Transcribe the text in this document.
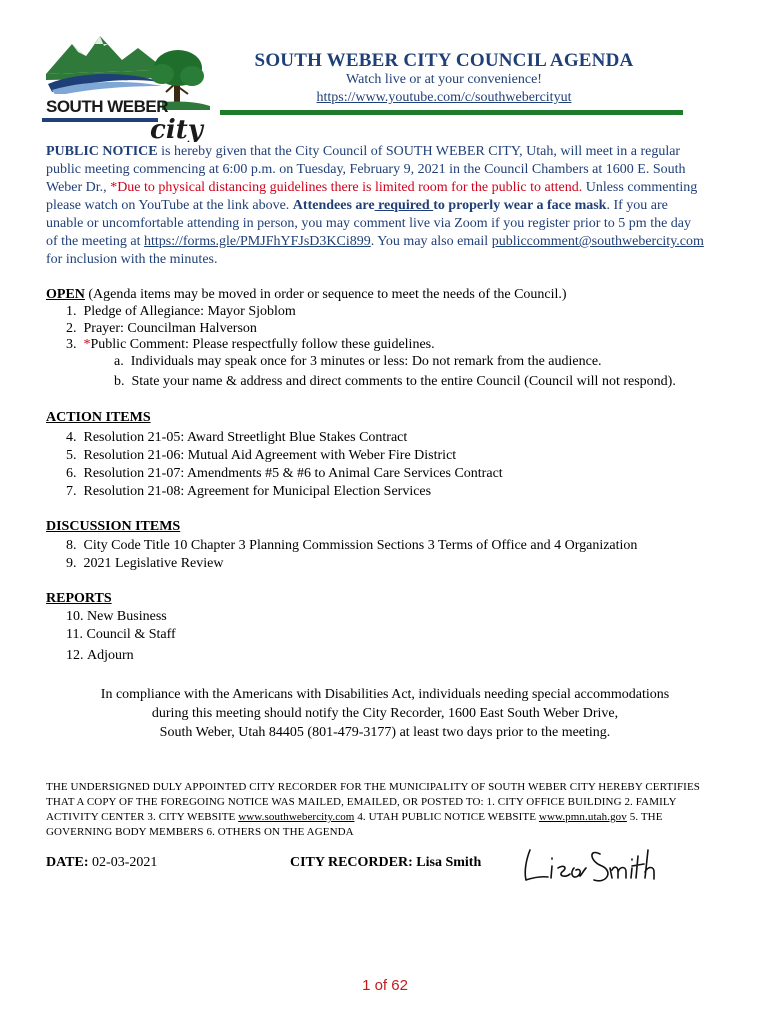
SOUTH WEBER
city
SOUTH WEBER CITY COUNCIL AGENDA
Watch live or at your convenience!
https://www.youtube.com/c/southwebercityut
PUBLIC NOTICE is hereby given that the City Council of SOUTH WEBER CITY, Utah, will meet in a regular public meeting commencing at 6:00 p.m. on Tuesday, February 9, 2021 in the Council Chambers at 1600 E. South Weber Dr., *Due to physical distancing guidelines there is limited room for the public to attend. Unless commenting please watch on YouTube at the link above. Attendees are required to properly wear a face mask. If you are unable or uncomfortable attending in person, you may comment live via Zoom if you register prior to 5 pm the day of the meeting at https://forms.gle/PMJFhYFJsD3KCi899. You may also email publiccomment@southwebercity.com for inclusion with the minutes.
OPEN (Agenda items may be moved in order or sequence to meet the needs of the Council.)
1. Pledge of Allegiance: Mayor Sjoblom
2. Prayer: Councilman Halverson
3. *Public Comment: Please respectfully follow these guidelines.
a. Individuals may speak once for 3 minutes or less: Do not remark from the audience.
b. State your name & address and direct comments to the entire Council (Council will not respond).
ACTION ITEMS
4. Resolution 21-05: Award Streetlight Blue Stakes Contract
5. Resolution 21-06: Mutual Aid Agreement with Weber Fire District
6. Resolution 21-07: Amendments #5 & #6 to Animal Care Services Contract
7. Resolution 21-08: Agreement for Municipal Election Services
DISCUSSION ITEMS
8. City Code Title 10 Chapter 3 Planning Commission Sections 3 Terms of Office and 4 Organization
9. 2021 Legislative Review
REPORTS
10. New Business
11. Council & Staff
12. Adjourn
In compliance with the Americans with Disabilities Act, individuals needing special accommodations
during this meeting should notify the City Recorder, 1600 East South Weber Drive,
South Weber, Utah 84405 (801-479-3177) at least two days prior to the meeting.
THE UNDERSIGNED DULY APPOINTED CITY RECORDER FOR THE MUNICIPALITY OF SOUTH WEBER CITY HEREBY CERTIFIES THAT A COPY OF THE FOREGOING NOTICE WAS MAILED, EMAILED, OR POSTED TO: 1. CITY OFFICE BUILDING 2. FAMILY ACTIVITY CENTER 3. CITY WEBSITE www.southwebercity.com 4. UTAH PUBLIC NOTICE WEBSITE www.pmn.utah.gov 5. THE GOVERNING BODY MEMBERS 6. OTHERS ON THE AGENDA
DATE: 02-03-2021	CITY RECORDER: Lisa Smith
1 of 62
